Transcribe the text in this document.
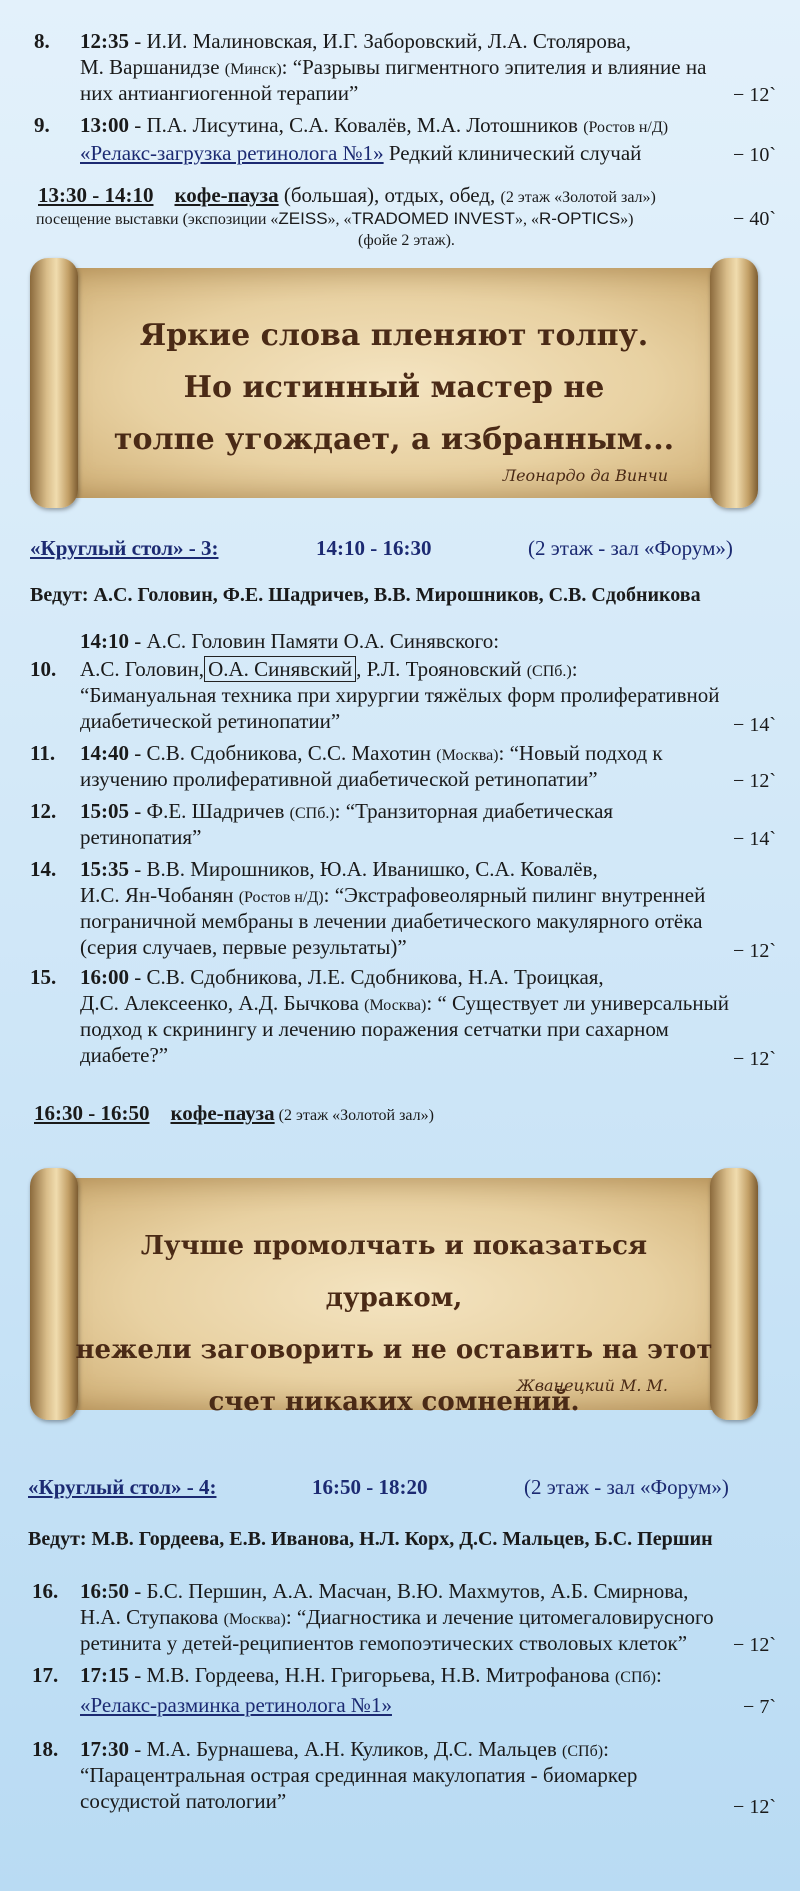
8. 12:35 - И.И. Малиновская, И.Г. Заборовский, Л.А. Столярова,
М. Варшанидзе (Минск): “Разрывы пигментного эпителия и влияние на
них антиангиогенной терапии”	− 12`
9. 13:00 - П.А. Лисутина, С.А. Ковалёв, М.А. Лотошников (Ростов н/Д)
«Релакс-загрузка ретинолога №1» Редкий клинический случай	− 10`
13:30 - 14:10 кофе-пауза (большая), отдых, обед, (2 этаж «Золотой зал»)
посещение выставки (экспозиции «ZEISS», «TRADOMED INVEST», «R-OPTICS»)
(фойе 2 этаж).
− 40`
Яркие слова пленяют толпу.
Но истинный мастер не
толпе угождает, а избранным...
Леонардо да Винчи
«Круглый стол» - 3:	14:10 - 16:30	(2 этаж - зал «Форум»)
Ведут: А.С. Головин, Ф.Е. Шадричев, В.В. Мирошников, С.В. Сдобникова
14:10 - А.С. Головин Памяти О.А. Синявского:
10. А.С. Головин, О.А. Синявский , Р.Л. Трояновский (СПб.):
“Бимануальная техника при хирургии тяжёлых форм пролиферативной
диабетической ретинопатии”	− 14`
11. 14:40 - С.В. Сдобникова, С.С. Махотин (Москва): “Новый подход к
изучению пролиферативной диабетической ретинопатии”	− 12`
12. 15:05 - Ф.Е. Шадричев (СПб.): “Транзиторная диабетическая
ретинопатия”	− 14`
14. 15:35 - В.В. Мирошников, Ю.А. Иванишко, С.А. Ковалёв,
И.С. Ян-Чобанян (Ростов н/Д): “Экстрафовеолярный пилинг внутренней
пограничной мембраны в лечении диабетического макулярного отёка
(серия случаев, первые результаты)”	− 12`
15. 16:00 - С.В. Сдобникова, Л.Е. Сдобникова, Н.А. Троицкая,
Д.С. Алексеенко, А.Д. Бычкова (Москва): “ Существует ли универсальный
подход к скринингу и лечению поражения сетчатки при сахарном
диабете?”	− 12`
16:30 - 16:50 кофе-пауза (2 этаж «Золотой зал»)
Лучше промолчать и показаться дураком,
нежели заговорить и не оставить на этот
счет никаких сомнений.
Жванецкий М. М.
«Круглый стол» - 4:	16:50 - 18:20	(2 этаж - зал «Форум»)
Ведут: М.В. Гордеева, Е.В. Иванова, Н.Л. Корх, Д.С. Мальцев, Б.С. Першин
16. 16:50 - Б.С. Першин, А.А. Масчан, В.Ю. Махмутов, А.Б. Смирнова,
Н.А. Ступакова (Москва): “Диагностика и лечение цитомегаловирусного
ретинита у детей-реципиентов гемопоэтических стволовых клеток” − 12`
17. 17:15 - М.В. Гордеева, Н.Н. Григорьева, Н.В. Митрофанова (СПб):
«Релакс-разминка ретинолога №1»	− 7`
18. 17:30 - М.А. Бурнашева, А.Н. Куликов, Д.С. Мальцев (СПб):
“Парацентральная острая срединная макулопатия - биомаркер
сосудистой патологии”	− 12`
